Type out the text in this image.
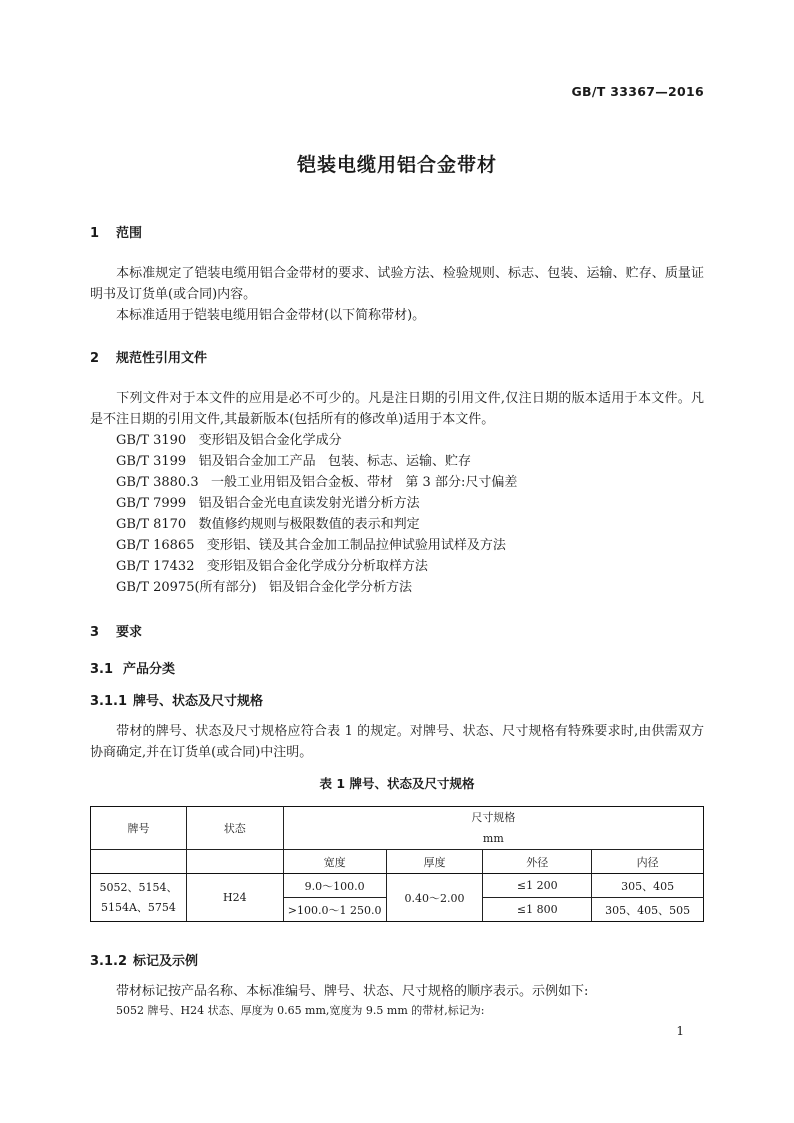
GB/T 33367—2016
铠装电缆用铝合金带材
1 范围
本标准规定了铠装电缆用铝合金带材的要求、试验方法、检验规则、标志、包装、运输、贮存、质量证明书及订货单(或合同)内容。
本标准适用于铠装电缆用铝合金带材(以下简称带材)。
2 规范性引用文件
下列文件对于本文件的应用是必不可少的。凡是注日期的引用文件,仅注日期的版本适用于本文件。凡是不注日期的引用文件,其最新版本(包括所有的修改单)适用于本文件。
GB/T 3190   变形铝及铝合金化学成分
GB/T 3199   铝及铝合金加工产品   包装、标志、运输、贮存
GB/T 3880.3   一般工业用铝及铝合金板、带材   第 3 部分:尺寸偏差
GB/T 7999   铝及铝合金光电直读发射光谱分析方法
GB/T 8170   数值修约规则与极限数值的表示和判定
GB/T 16865   变形铝、镁及其合金加工制品拉伸试验用试样及方法
GB/T 17432   变形铝及铝合金化学成分分析取样方法
GB/T 20975(所有部分)   铝及铝合金化学分析方法
3 要求
3.1 产品分类
3.1.1 牌号、状态及尺寸规格
带材的牌号、状态及尺寸规格应符合表 1 的规定。对牌号、状态、尺寸规格有特殊要求时,由供需双方协商确定,并在订货单(或合同)中注明。
表 1 牌号、状态及尺寸规格
牌号	状态	尺寸规格			
		mm			
		宽度	厚度	外径	内径
5052、5154、5154A、5754	H24	9.0～100.0	0.40～2.00	≤1 200	305、405
		>100.0～1 250.0		≤1 800	305、405、505
3.1.2 标记及示例
带材标记按产品名称、本标准编号、牌号、状态、尺寸规格的顺序表示。示例如下:
5052 牌号、H24 状态、厚度为 0.65 mm,宽度为 9.5 mm 的带材,标记为:
1
